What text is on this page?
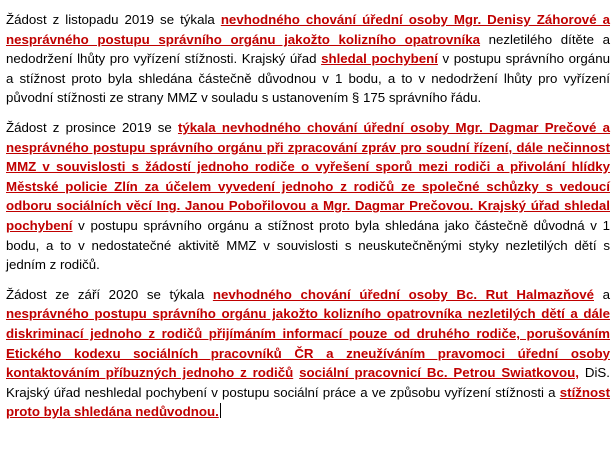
Žádost z listopadu 2019 se týkala nevhodného chování úřední osoby Mgr. Denisy Záhorové a nesprávného postupu správního orgánu jakožto kolizního opatrovníka nezletilého dítěte a nedodržení lhůty pro vyřízení stížnosti. Krajský úřad shledal pochybení v postupu správního orgánu a stížnost proto byla shledána částečně důvodnou v 1 bodu, a to v nedodržení lhůty pro vyřízení původní stížnosti ze strany MMZ v souladu s ustanovením § 175 správního řádu.

Žádost z prosince 2019 se týkala nevhodného chování úřední osoby Mgr. Dagmar Prečové a nesprávného postupu správního orgánu při zpracování zpráv pro soudní řízení, dále nečinnost MMZ v souvislosti s žádostí jednoho rodiče o vyřešení sporů mezi rodiči a přivolání hlídky Městské policie Zlín za účelem vyvedení jednoho z rodičů ze společné schůzky s vedoucí odboru sociálních věcí Ing. Janou Pobořilovou a Mgr. Dagmar Prečovou. Krajský úřad shledal pochybení v postupu správního orgánu a stížnost proto byla shledána jako částečně důvodná v 1 bodu, a to v nedostatečné aktivitě MMZ v souvislosti s neuskutečněnými styky nezletilých dětí s jedním z rodičů.

Žádost ze září 2020 se týkala nevhodného chování úřední osoby Bc. Rut Halmazňové a nesprávného postupu správního orgánu jakožto kolizního opatrovníka nezletilých dětí a dále diskriminací jednoho z rodičů přijímáním informací pouze od druhého rodiče, porušováním Etického kodexu sociálních pracovníků ČR a zneužíváním pravomoci úřední osoby kontaktováním příbuzných jednoho z rodičů sociální pracovnicí Bc. Petrou Swiatkovou, DiS. Krajský úřad neshledal pochybení v postupu sociální práce a ve způsobu vyřízení stížnosti a stížnost proto byla shledána nedůvodnou.
